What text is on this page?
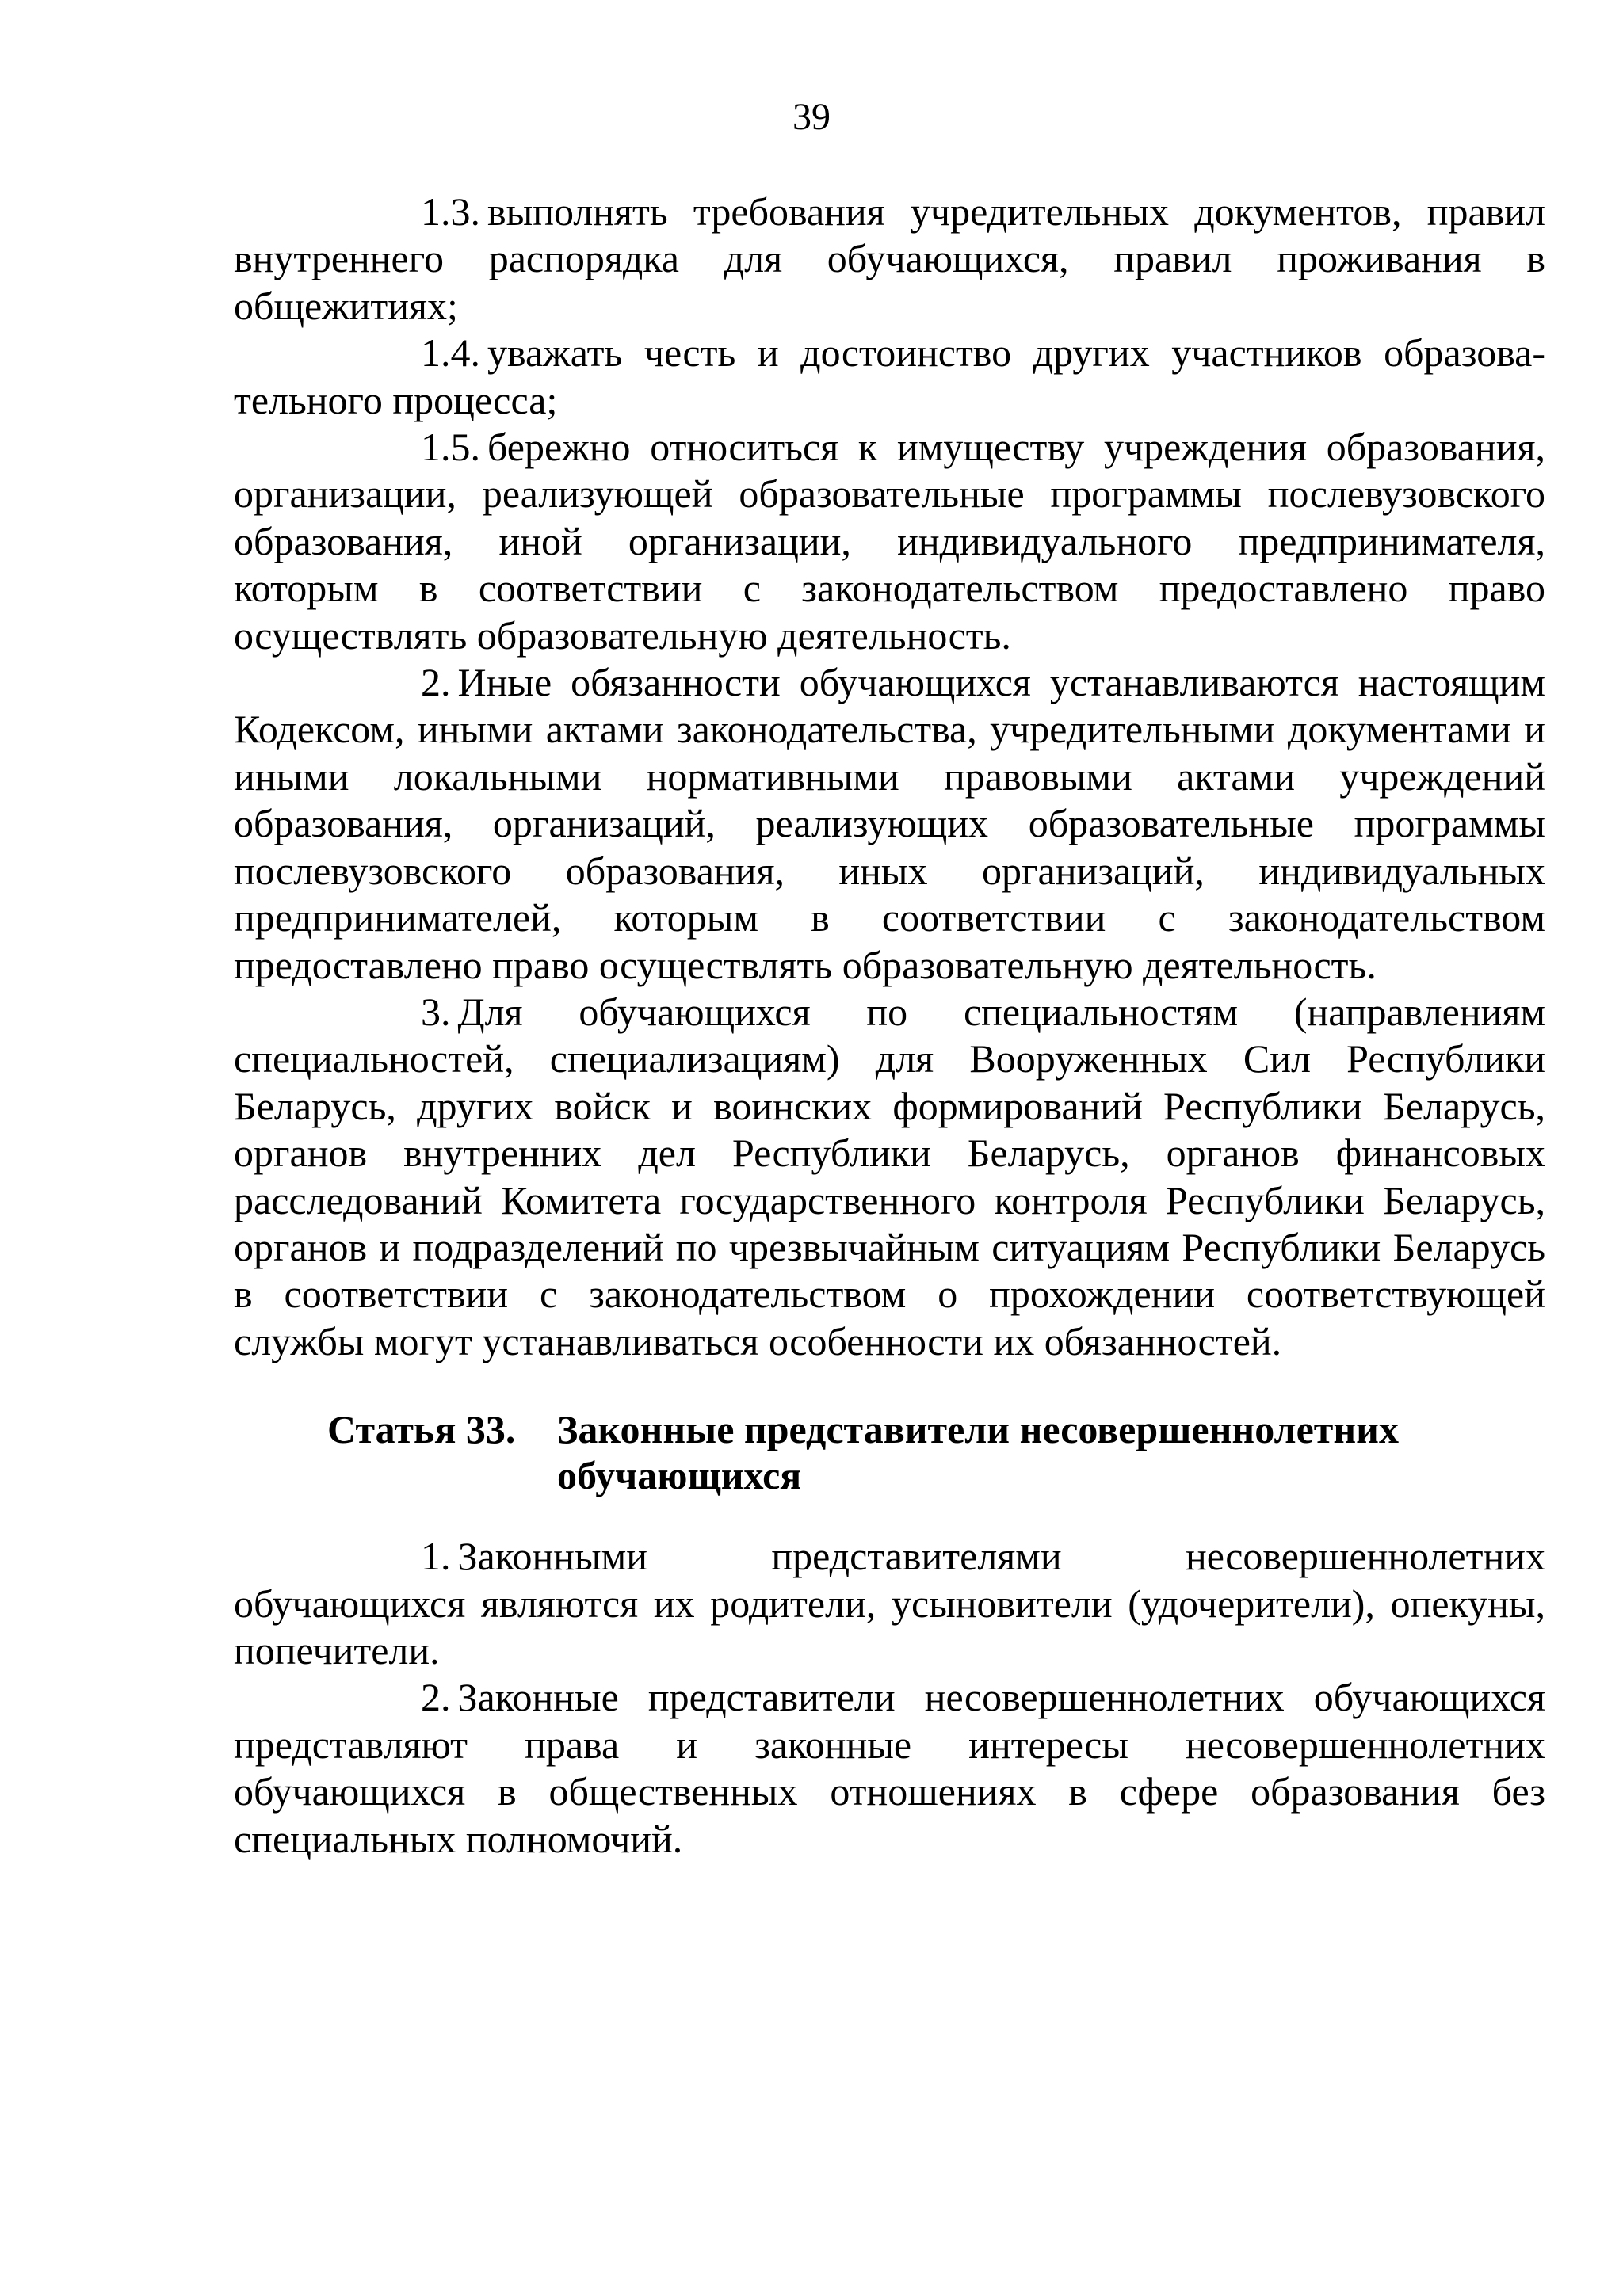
39

1.3. выполнять требования учредительных документов, правил внутреннего распорядка для обучающихся, правил проживания в общежитиях;

1.4. уважать честь и достоинство других участников образовательного процесса;

1.5. бережно относиться к имуществу учреждения образования, организации, реализующей образовательные программы послевузовского образования, иной организации, индивидуального предпринимателя, которым в соответствии с законодательством предоставлено право осуществлять образовательную деятельность.

2. Иные обязанности обучающихся устанавливаются настоящим Кодексом, иными актами законодательства, учредительными документами и иными локальными нормативными правовыми актами учреждений образования, организаций, реализующих образовательные программы послевузовского образования, иных организаций, индивидуальных предпринимателей, которым в соответствии с законодательством предоставлено право осуществлять образовательную деятельность.

3. Для обучающихся по специальностям (направлениям специальностей, специализациям) для Вооруженных Сил Республики Беларусь, других войск и воинских формирований Республики Беларусь, органов внутренних дел Республики Беларусь, органов финансовых расследований Комитета государственного контроля Республики Беларусь, органов и подразделений по чрезвычайным ситуациям Республики Беларусь в соответствии с законодательством о прохождении соответствующей службы могут устанавливаться особенности их обязанностей.

Статья 33.	Законные представители несовершеннолетних обучающихся

1. Законными представителями несовершеннолетних обучающихся являются их родители, усыновители (удочерители), опекуны, попечители.

2. Законные представители несовершеннолетних обучающихся представляют права и законные интересы несовершеннолетних обучающихся в общественных отношениях в сфере образования без специальных полномочий.
